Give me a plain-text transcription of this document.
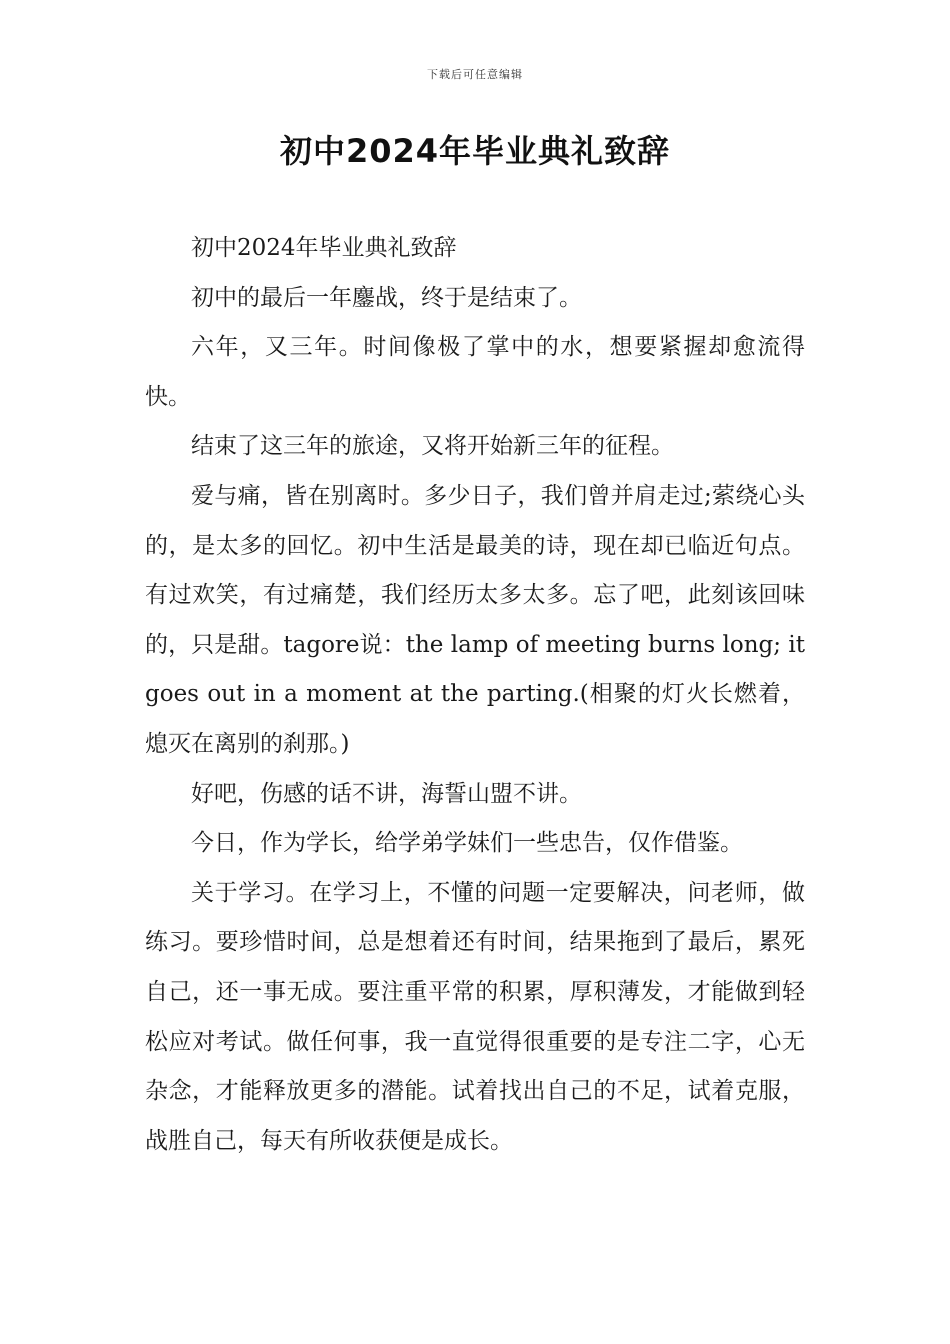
下载后可任意编辑
初中2024年毕业典礼致辞

初中2024年毕业典礼致辞

初中的最后一年鏖战，终于是结束了。

六年，又三年。时间像极了掌中的水，想要紧握却愈流得快。

结束了这三年的旅途，又将开始新三年的征程。

爱与痛，皆在别离时。多少日子，我们曾并肩走过;萦绕心头的，是太多的回忆。初中生活是最美的诗，现在却已临近句点。有过欢笑，有过痛楚，我们经历太多太多。忘了吧，此刻该回味的，只是甜。tagore说：the lamp of meeting burns long; it goes out in a moment at the parting.(相聚的灯火长燃着，熄灭在离别的刹那。)

好吧，伤感的话不讲，海誓山盟不讲。

今日，作为学长，给学弟学妹们一些忠告，仅作借鉴。

关于学习。在学习上，不懂的问题一定要解决，问老师，做练习。要珍惜时间，总是想着还有时间，结果拖到了最后，累死自己，还一事无成。要注重平常的积累，厚积薄发，才能做到轻松应对考试。做任何事，我一直觉得很重要的是专注二字，心无杂念，才能释放更多的潜能。试着找出自己的不足，试着克服，战胜自己，每天有所收获便是成长。
